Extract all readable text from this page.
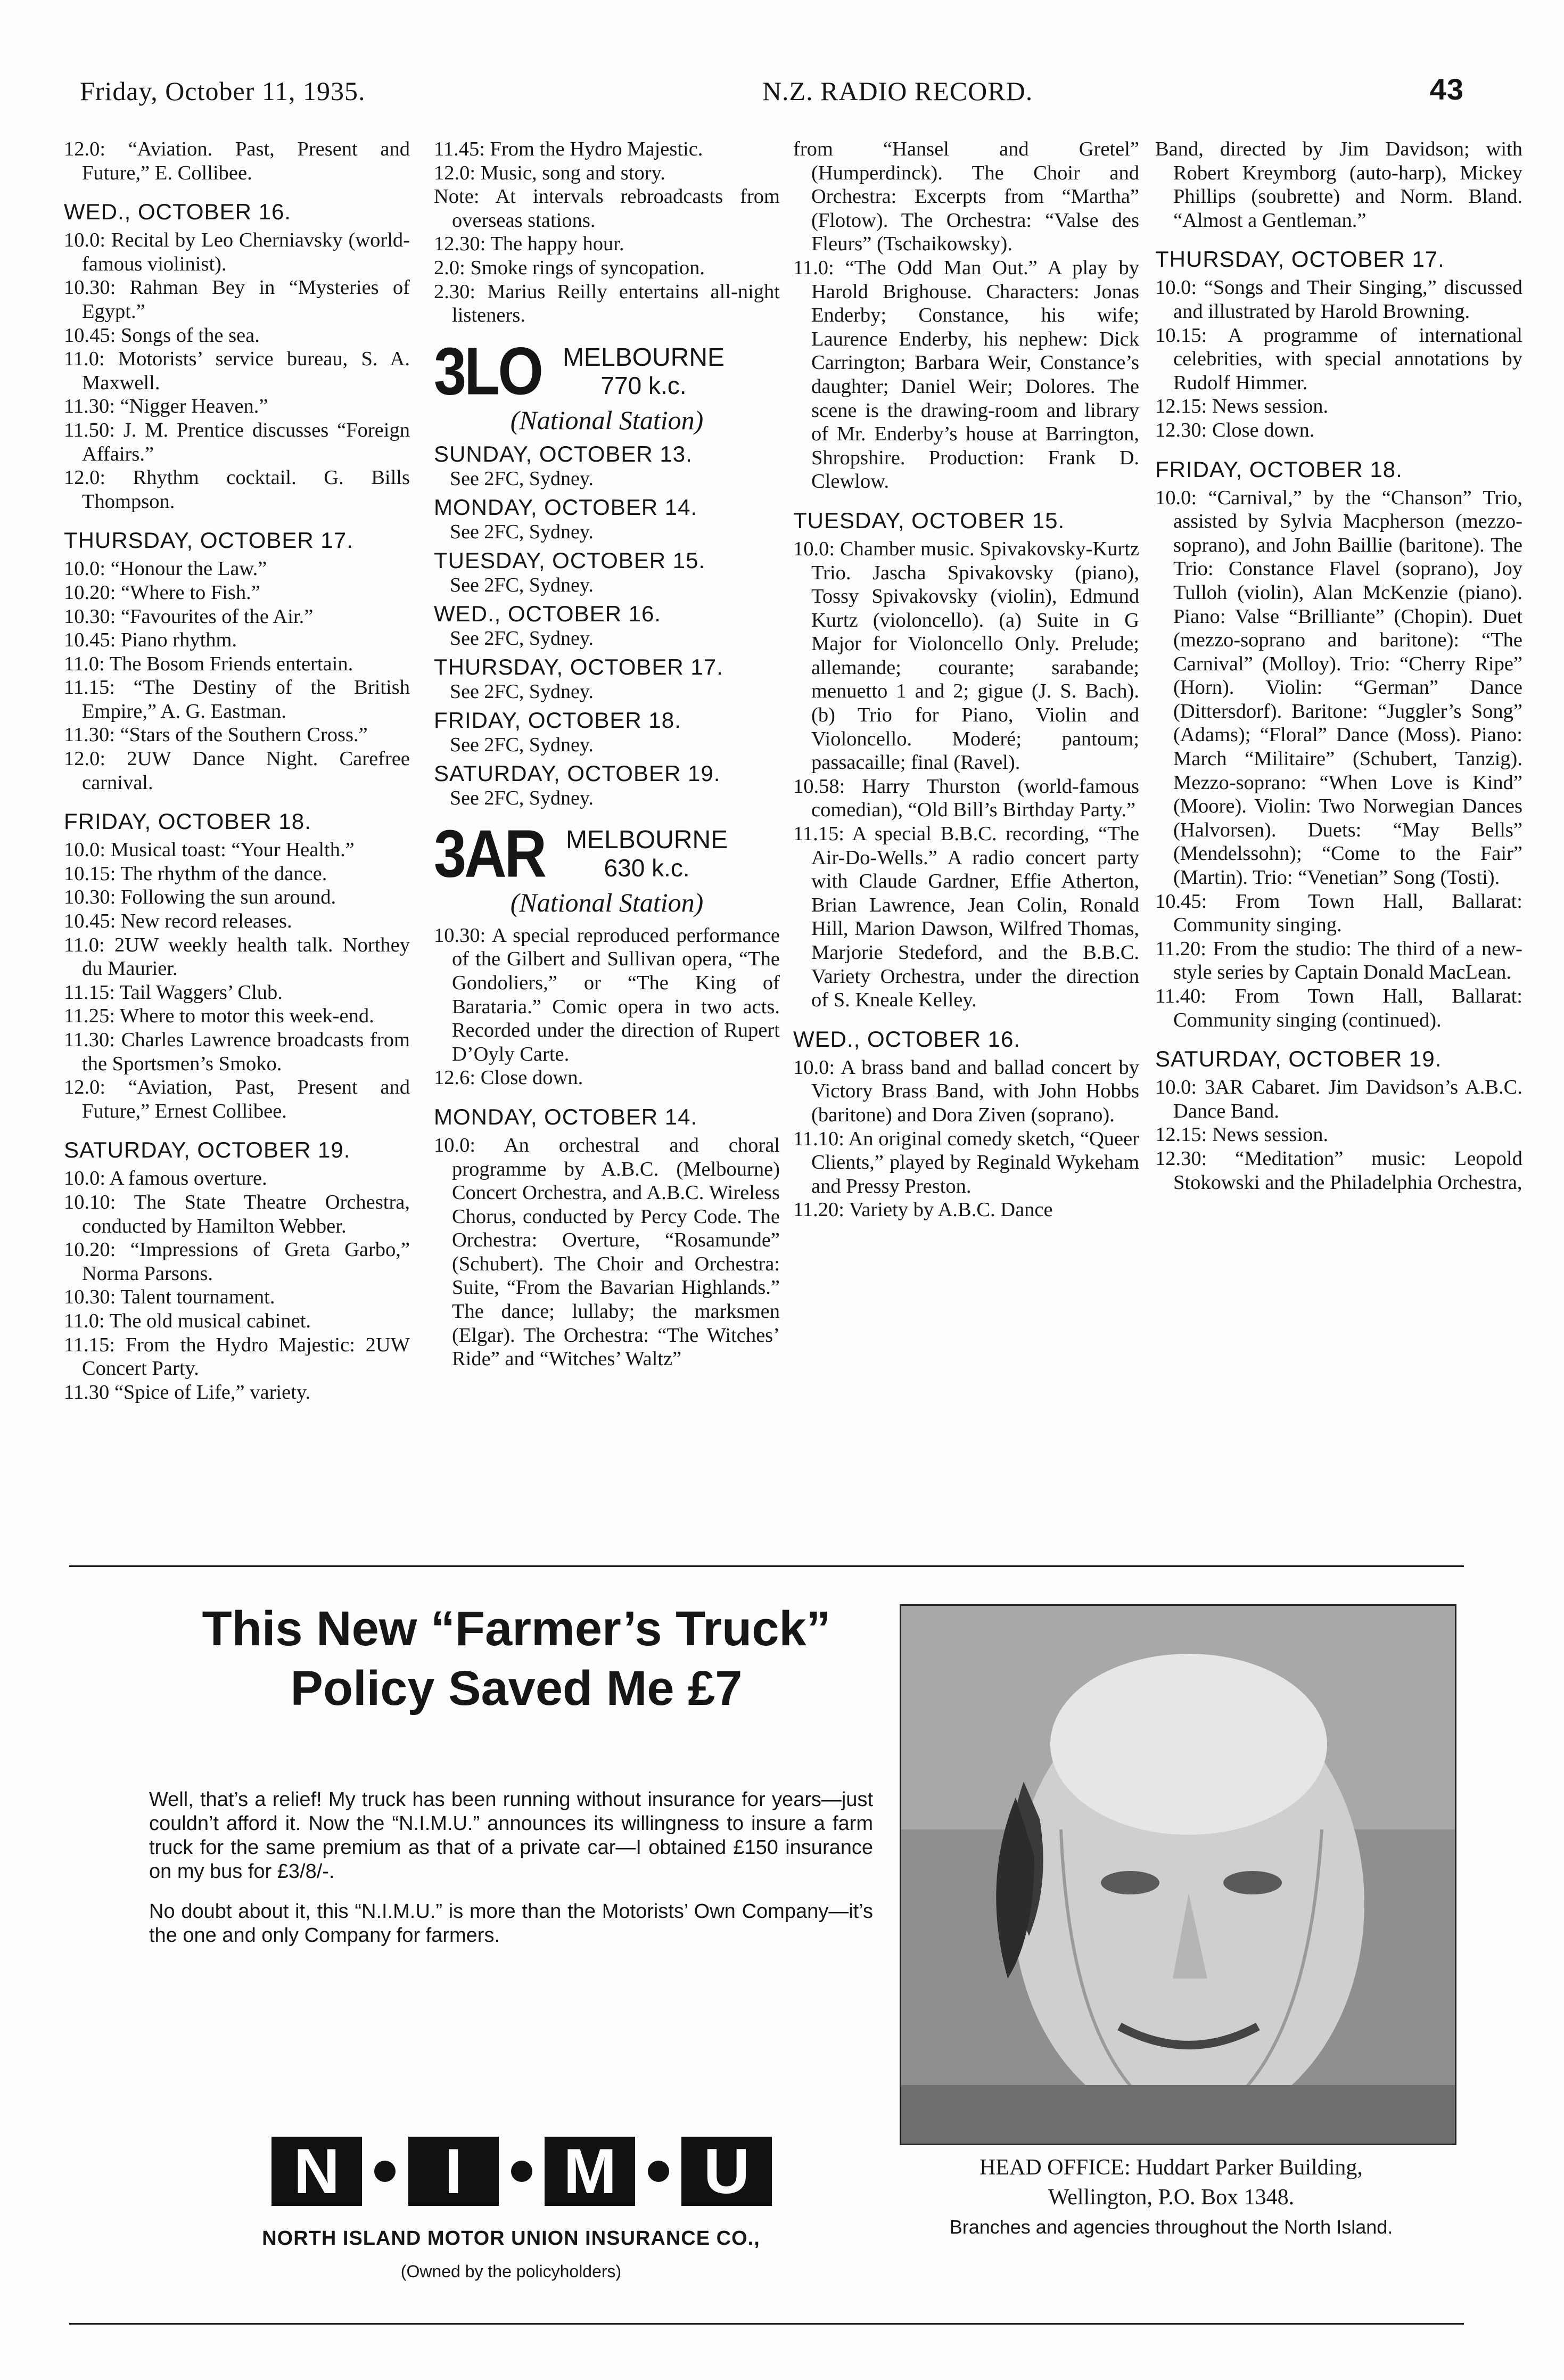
Friday, October 11, 1935.	N.Z. RADIO RECORD.	43

12.0: “Aviation. Past, Present and Future,” E. Collibee.

WED., OCTOBER 16.

10.0: Recital by Leo Cherniavsky (world-famous violinist).

10.30: Rahman Bey in “Mysteries of Egypt.”

10.45: Songs of the sea.

11.0: Motorists’ service bureau, S. A. Maxwell.

11.30: “Nigger Heaven.”

11.50: J. M. Prentice discusses “Foreign Affairs.”

12.0: Rhythm cocktail. G. Bills Thompson.

THURSDAY, OCTOBER 17.

10.0: “Honour the Law.”

10.20: “Where to Fish.”

10.30: “Favourites of the Air.”

10.45: Piano rhythm.

11.0: The Bosom Friends entertain.

11.15: “The Destiny of the British Empire,” A. G. Eastman.

11.30: “Stars of the Southern Cross.”

12.0: 2UW Dance Night. Carefree carnival.

FRIDAY, OCTOBER 18.

10.0: Musical toast: “Your Health.”

10.15: The rhythm of the dance.

10.30: Following the sun around.

10.45: New record releases.

11.0: 2UW weekly health talk. Northey du Maurier.

11.15: Tail Waggers’ Club.

11.25: Where to motor this week-end.

11.30: Charles Lawrence broadcasts from the Sportsmen’s Smoko.

12.0: “Aviation, Past, Present and Future,” Ernest Collibee.

SATURDAY, OCTOBER 19.

10.0: A famous overture.

10.10: The State Theatre Orchestra, conducted by Hamilton Webber.

10.20: “Impressions of Greta Garbo,” Norma Parsons.

10.30: Talent tournament.

11.0: The old musical cabinet.

11.15: From the Hydro Majestic: 2UW Concert Party.

11.30 “Spice of Life,” variety.

11.45: From the Hydro Majestic.

12.0: Music, song and story.

Note: At intervals rebroadcasts from overseas stations.

12.30: The happy hour.

2.0: Smoke rings of syncopation.

2.30: Marius Reilly entertains all-night listeners.

3LO MELBOURNE
770 k.c.
(National Station)
SUNDAY, OCTOBER 13.
See 2FC, Sydney.
MONDAY, OCTOBER 14.
See 2FC, Sydney.
TUESDAY, OCTOBER 15.
See 2FC, Sydney.
WED., OCTOBER 16.
See 2FC, Sydney.
THURSDAY, OCTOBER 17.
See 2FC, Sydney.
FRIDAY, OCTOBER 18.
See 2FC, Sydney.
SATURDAY, OCTOBER 19.
See 2FC, Sydney.
3AR MELBOURNE
630 k.c.
(National Station)

10.30: A special reproduced performance of the Gilbert and Sullivan opera, “The Gondoliers,” or “The King of Barataria.” Comic opera in two acts. Recorded under the direction of Rupert D’Oyly Carte.

12.6: Close down.

MONDAY, OCTOBER 14.

10.0: An orchestral and choral programme by A.B.C. (Melbourne) Concert Orchestra, and A.B.C. Wireless Chorus, conducted by Percy Code. The Orchestra: Overture, “Rosamunde” (Schubert). The Choir and Orchestra: Suite, “From the Bavarian Highlands.” The dance; lullaby; the marksmen (Elgar). The Orchestra: “The Witches’ Ride” and “Witches’ Waltz”

from “Hansel and Gretel” (Humperdinck). The Choir and Orchestra: Excerpts from “Martha” (Flotow). The Orchestra: “Valse des Fleurs” (Tschaikowsky).

11.0: “The Odd Man Out.” A play by Harold Brighouse. Characters: Jonas Enderby; Constance, his wife; Laurence Enderby, his nephew: Dick Carrington; Barbara Weir, Constance’s daughter; Daniel Weir; Dolores. The scene is the drawing-room and library of Mr. Enderby’s house at Barrington, Shropshire. Production: Frank D. Clewlow.

TUESDAY, OCTOBER 15.

10.0: Chamber music. Spivakovsky-Kurtz Trio. Jascha Spivakovsky (piano), Tossy Spivakovsky (violin), Edmund Kurtz (violoncello). (a) Suite in G Major for Violoncello Only. Prelude; allemande; courante; sarabande; menuetto 1 and 2; gigue (J. S. Bach). (b) Trio for Piano, Violin and Violoncello. Moderé; pantoum; passacaille; final (Ravel).

10.58: Harry Thurston (world-famous comedian), “Old Bill’s Birthday Party.”

11.15: A special B.B.C. recording, “The Air-Do-Wells.” A radio concert party with Claude Gardner, Effie Atherton, Brian Lawrence, Jean Colin, Ronald Hill, Marion Dawson, Wilfred Thomas, Marjorie Stedeford, and the B.B.C. Variety Orchestra, under the direction of S. Kneale Kelley.

WED., OCTOBER 16.

10.0: A brass band and ballad concert by Victory Brass Band, with John Hobbs (baritone) and Dora Ziven (soprano).

11.10: An original comedy sketch, “Queer Clients,” played by Reginald Wykeham and Pressy Preston.

11.20: Variety by A.B.C. Dance

Band, directed by Jim Davidson; with Robert Kreymborg (auto-harp), Mickey Phillips (soubrette) and Norm. Bland. “Almost a Gentleman.”

THURSDAY, OCTOBER 17.

10.0: “Songs and Their Singing,” discussed and illustrated by Harold Browning.

10.15: A programme of international celebrities, with special annotations by Rudolf Himmer.

12.15: News session.

12.30: Close down.

FRIDAY, OCTOBER 18.

10.0: “Carnival,” by the “Chanson” Trio, assisted by Sylvia Macpherson (mezzo-soprano), and John Baillie (baritone). The Trio: Constance Flavel (soprano), Joy Tulloh (violin), Alan McKenzie (piano). Piano: Valse “Brilliante” (Chopin). Duet (mezzo-soprano and baritone): “The Carnival” (Molloy). Trio: “Cherry Ripe” (Horn). Violin: “German” Dance (Dittersdorf). Baritone: “Juggler’s Song” (Adams); “Floral” Dance (Moss). Piano: March “Militaire” (Schubert, Tanzig). Mezzo-soprano: “When Love is Kind” (Moore). Violin: Two Norwegian Dances (Halvorsen). Duets: “May Bells” (Mendelssohn); “Come to the Fair” (Martin). Trio: “Venetian” Song (Tosti).

10.45: From Town Hall, Ballarat: Community singing.

11.20: From the studio: The third of a new-style series by Captain Donald MacLean.

11.40: From Town Hall, Ballarat: Community singing (continued).

SATURDAY, OCTOBER 19.

10.0: 3AR Cabaret. Jim Davidson’s A.B.C. Dance Band.

12.15: News session.

12.30: “Meditation” music: Leopold Stokowski and the Philadelphia Orchestra,

This New “Farmer’s Truck”
Policy Saved Me £7

Well, that’s a relief! My truck has been running without insurance for years—just couldn’t afford it. Now the “N.I.M.U.” announces its willingness to insure a farm truck for the same premium as that of a private car—I obtained £150 insurance on my bus for £3/8/-.

No doubt about it, this “N.I.M.U.” is more than the Motorists’ Own Company—it’s the one and only Company for farmers.

N	I	M	U
NORTH ISLAND MOTOR UNION INSURANCE CO.,
(Owned by the policyholders)
HEAD OFFICE: Huddart Parker Building,
Wellington, P.O. Box 1348.
Branches and agencies throughout the North Island.
